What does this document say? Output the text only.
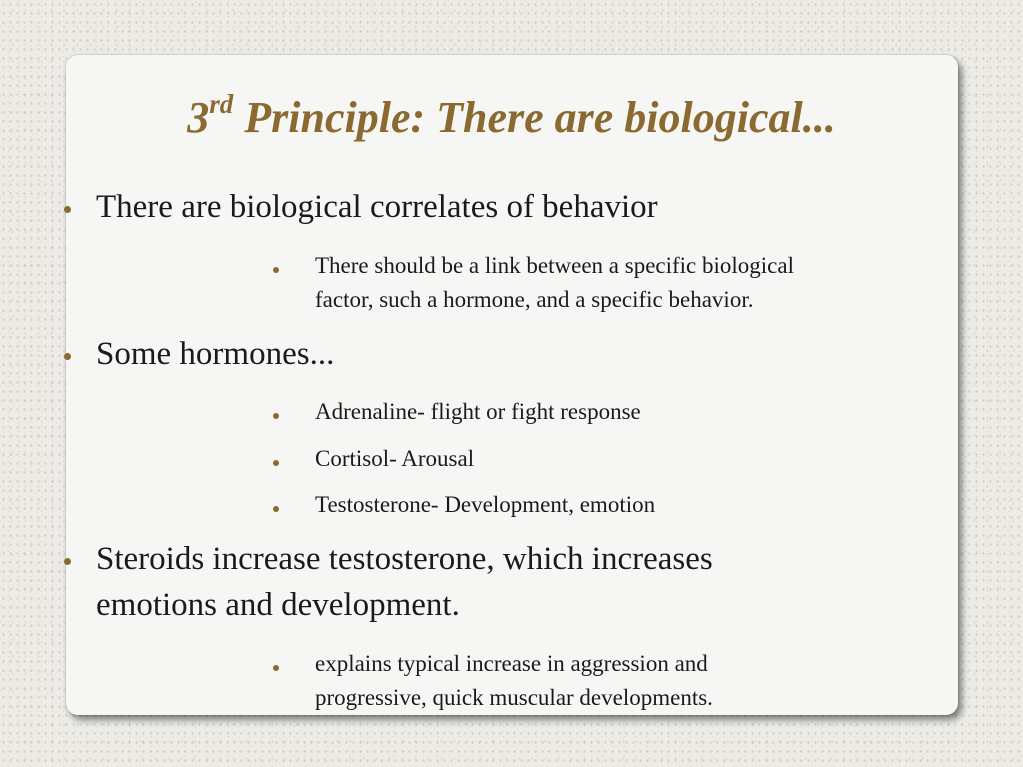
3rd Principle: There are biological...
There are biological correlates of behavior
There should be a link between a specific biological
factor, such a hormone, and a specific behavior.
Some hormones...
Adrenaline- flight or fight response
Cortisol- Arousal
Testosterone- Development, emotion
Steroids increase testosterone, which increases
emotions and development.
explains typical increase in aggression and
progressive, quick muscular developments.
